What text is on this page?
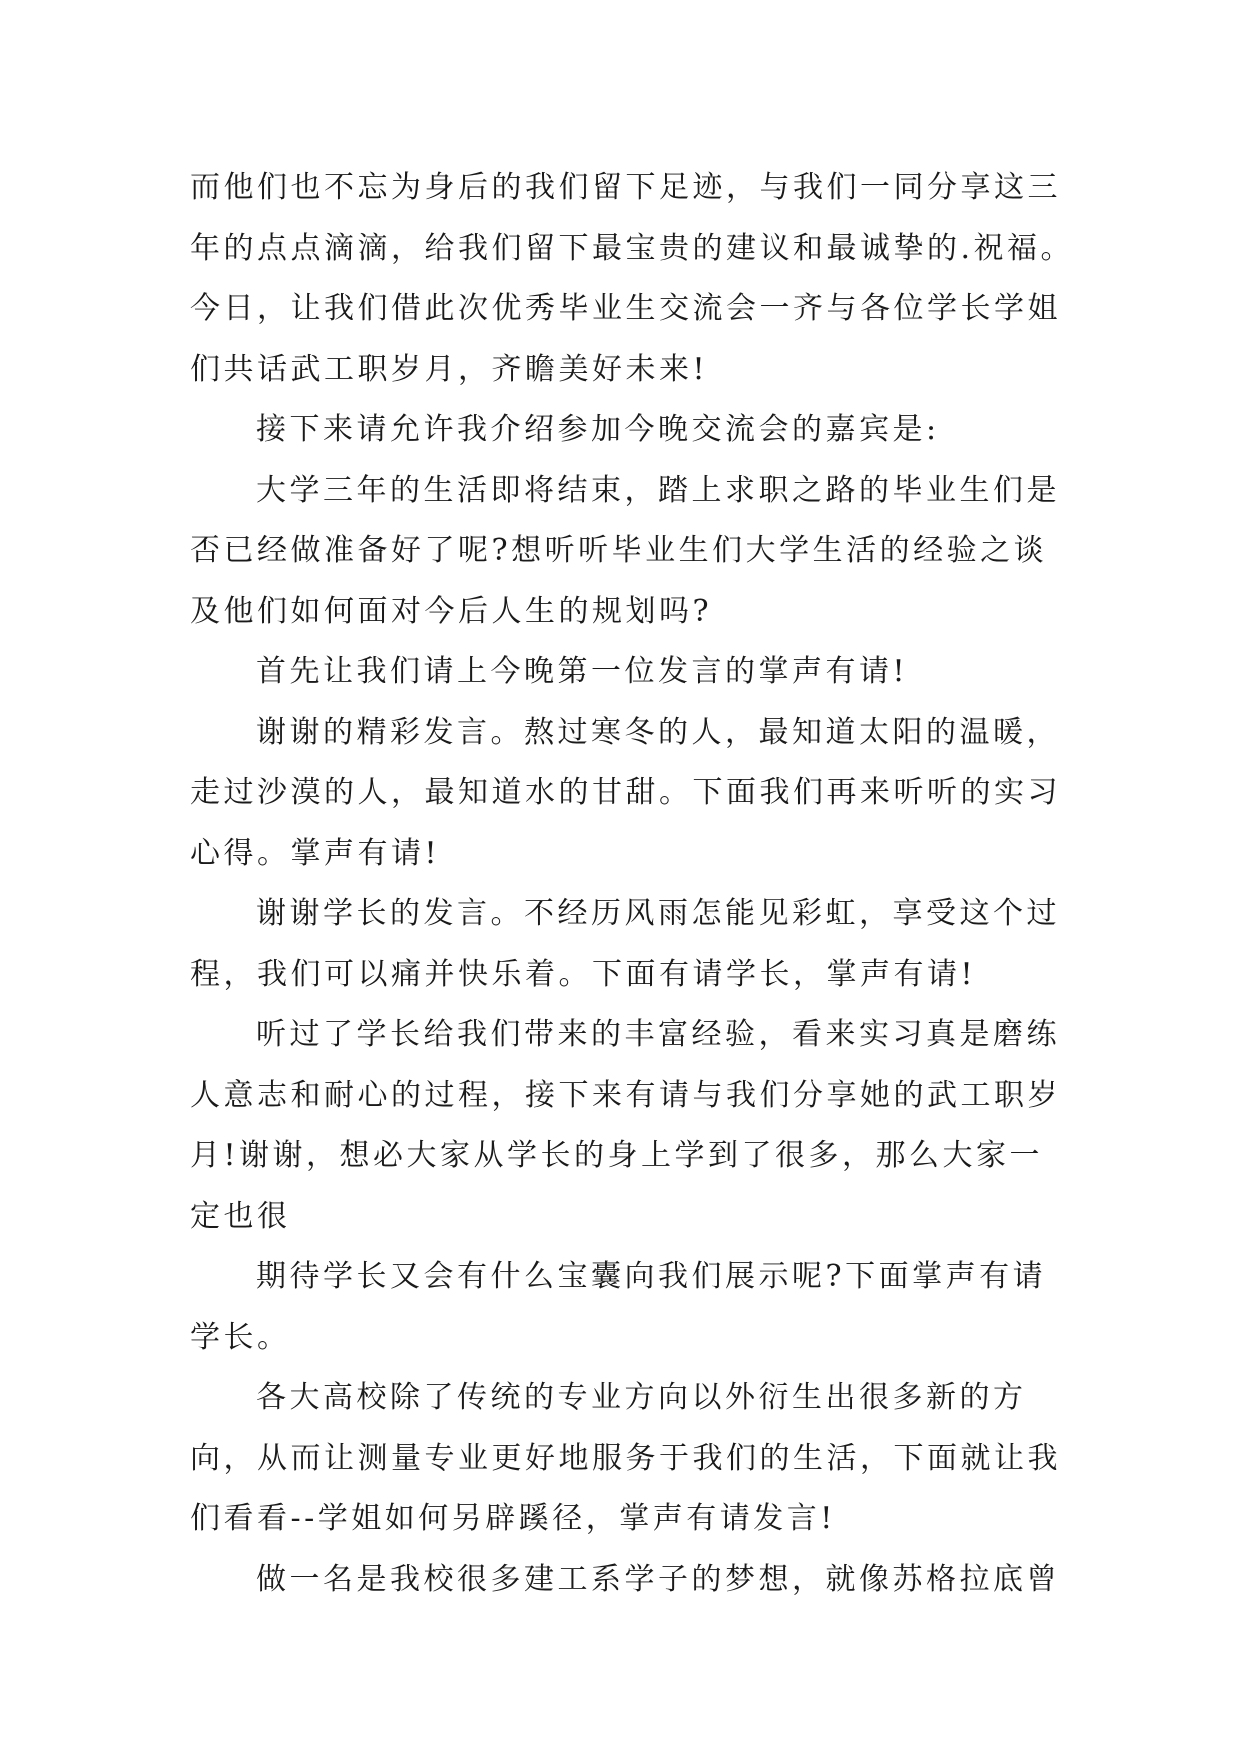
而他们也不忘为身后的我们留下足迹，与我们一同分享这三
年的点点滴滴，给我们留下最宝贵的建议和最诚挚的.祝福。
今日，让我们借此次优秀毕业生交流会一齐与各位学长学姐
们共话武工职岁月，齐瞻美好未来!
接下来请允许我介绍参加今晚交流会的嘉宾是:
大学三年的生活即将结束，踏上求职之路的毕业生们是
否已经做准备好了呢?想听听毕业生们大学生活的经验之谈
及他们如何面对今后人生的规划吗?
首先让我们请上今晚第一位发言的掌声有请!
谢谢的精彩发言。熬过寒冬的人，最知道太阳的温暖，
走过沙漠的人，最知道水的甘甜。下面我们再来听听的实习
心得。掌声有请!
谢谢学长的发言。不经历风雨怎能见彩虹，享受这个过
程，我们可以痛并快乐着。下面有请学长，掌声有请!
听过了学长给我们带来的丰富经验，看来实习真是磨练
人意志和耐心的过程，接下来有请与我们分享她的武工职岁
月!谢谢，想必大家从学长的身上学到了很多，那么大家一
定也很
期待学长又会有什么宝囊向我们展示呢?下面掌声有请
学长。
各大高校除了传统的专业方向以外衍生出很多新的方
向，从而让测量专业更好地服务于我们的生活，下面就让我
们看看--学姐如何另辟蹊径，掌声有请发言!
做一名是我校很多建工系学子的梦想，就像苏格拉底曾
